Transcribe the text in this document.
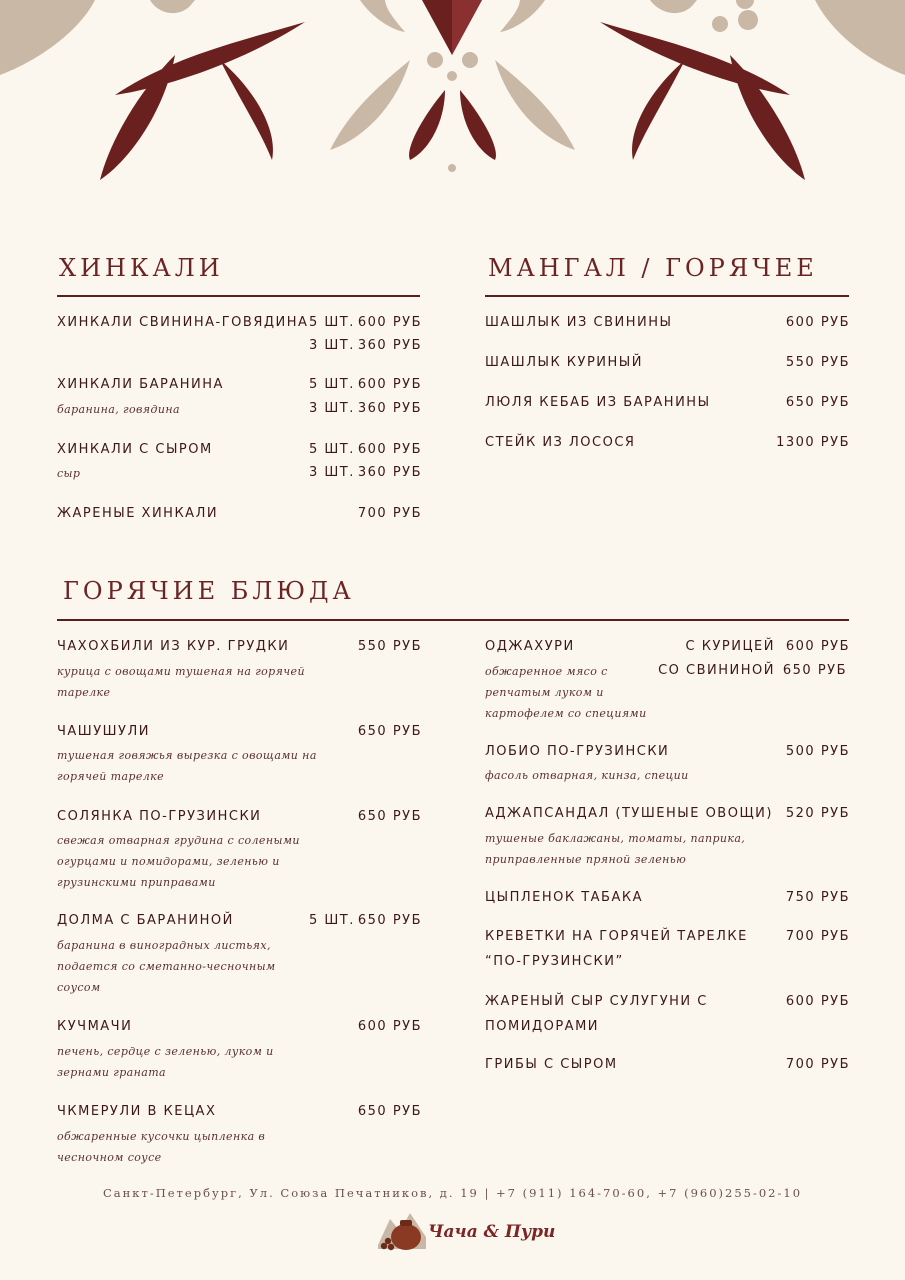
ХИНКАЛИ
ХИНКАЛИ СВИНИНА-ГОВЯДИНА 5 ШТ. 600 РУБ
3 ШТ. 360 РУБ
ХИНКАЛИ БАРАНИНА	5 ШТ. 600 РУБ
баранина, говядина	3 ШТ. 360 РУБ
ХИНКАЛИ С СЫРОМ	5 ШТ. 600 РУБ
сыр	3 ШТ. 360 РУБ
ЖАРЕНЫЕ ХИНКАЛИ	700 РУБ
МАНГАЛ / ГОРЯЧЕЕ
ШАШЛЫК ИЗ СВИНИНЫ	600 РУБ
ШАШЛЫК КУРИНЫЙ	550 РУБ
ЛЮЛЯ КЕБАБ ИЗ БАРАНИНЫ	650 РУБ
СТЕЙК ИЗ ЛОСОСЯ	1300 РУБ
ГОРЯЧИЕ БЛЮДА
ЧАХОХБИЛИ ИЗ КУР. ГРУДКИ	550 РУБ
курица с овощами тушеная на горячей
тарелке
ЧАШУШУЛИ	650 РУБ
тушеная говяжья вырезка с овощами на
горячей тарелке
СОЛЯНКА ПО-ГРУЗИНСКИ	650 РУБ
свежая отварная грудина с солеными
огурцами и помидорами, зеленью и
грузинскими приправами
ДОЛМА С БАРАНИНОЙ	5 ШТ. 650 РУБ
баранина в виноградных листьях,
подается со сметанно-чесночным
соусом
КУЧМАЧИ	600 РУБ
печень, сердце с зеленью, луком и
зернами граната
ЧКМЕРУЛИ В КЕЦАХ	650 РУБ
обжаренные кусочки цыпленка в
чесночном соусе
ОДЖАХУРИ	С КУРИЦЕЙ 600 РУБ
СО СВИНИНОЙ 650 РУБ
обжаренное мясо с
репчатым луком и
картофелем со специями
ЛОБИО ПО-ГРУЗИНСКИ	500 РУБ
фасоль отварная, кинза, специи
АДЖАПСАНДАЛ (ТУШЕНЫЕ ОВОЩИ) 520 РУБ
тушеные баклажаны, томаты, паприка,
приправленные пряной зеленью
ЦЫПЛЕНОК ТАБАКА	750 РУБ
КРЕВЕТКИ НА ГОРЯЧЕЙ ТАРЕЛКЕ
“ПО-ГРУЗИНСКИ”
700 РУБ
ЖАРЕНЫЙ СЫР СУЛУГУНИ С
ПОМИДОРАМИ
600 РУБ
ГРИБЫ С СЫРОМ	700 РУБ
Санкт-Петербург, Ул. Союза Печатников, д. 19 | +7 (911) 164-70-60, +7 (960)255-02-10
Чача & Пури
